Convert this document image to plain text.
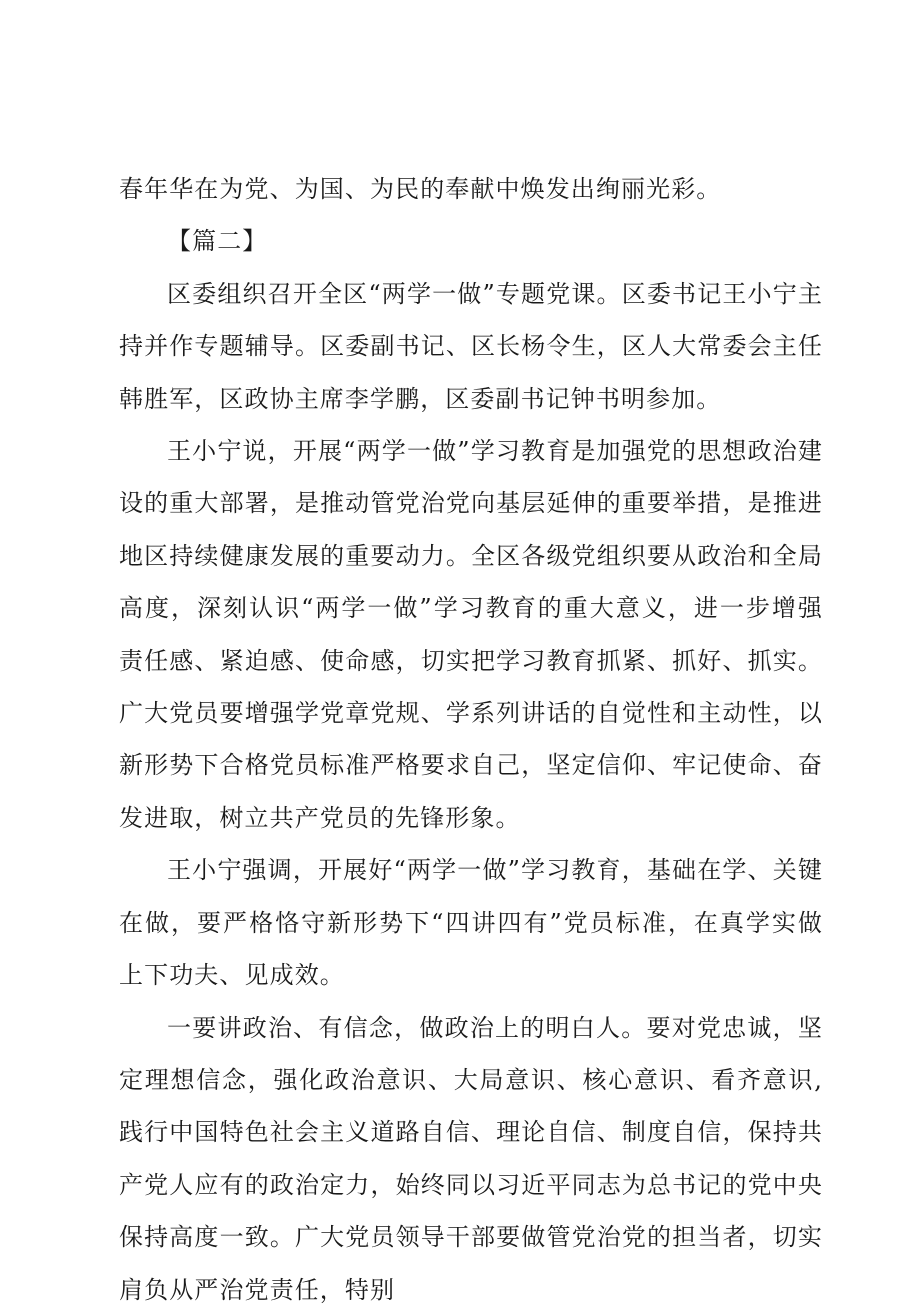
春年华在为党、为国、为民的奉献中焕发出绚丽光彩。

【篇二】

区委组织召开全区“两学一做”专题党课。区委书记王小宁主持并作专题辅导。区委副书记、区长杨令生，区人大常委会主任韩胜军，区政协主席李学鹏，区委副书记钟书明参加。

王小宁说，开展“两学一做”学习教育是加强党的思想政治建设的重大部署，是推动管党治党向基层延伸的重要举措，是推进地区持续健康发展的重要动力。全区各级党组织要从政治和全局高度，深刻认识“两学一做”学习教育的重大意义，进一步增强责任感、紧迫感、使命感，切实把学习教育抓紧、抓好、抓实。广大党员要增强学党章党规、学系列讲话的自觉性和主动性，以新形势下合格党员标准严格要求自己，坚定信仰、牢记使命、奋发进取，树立共产党员的先锋形象。

王小宁强调，开展好“两学一做”学习教育，基础在学、关键在做，要严格恪守新形势下“四讲四有”党员标准，在真学实做上下功夫、见成效。

一要讲政治、有信念，做政治上的明白人。要对党忠诚，坚定理想信念，强化政治意识、大局意识、核心意识、看齐意识,践行中国特色社会主义道路自信、理论自信、制度自信，保持共产党人应有的政治定力，始终同以习近平同志为总书记的党中央保持高度一致。广大党员领导干部要做管党治党的担当者，切实肩负从严治党责任，特别
